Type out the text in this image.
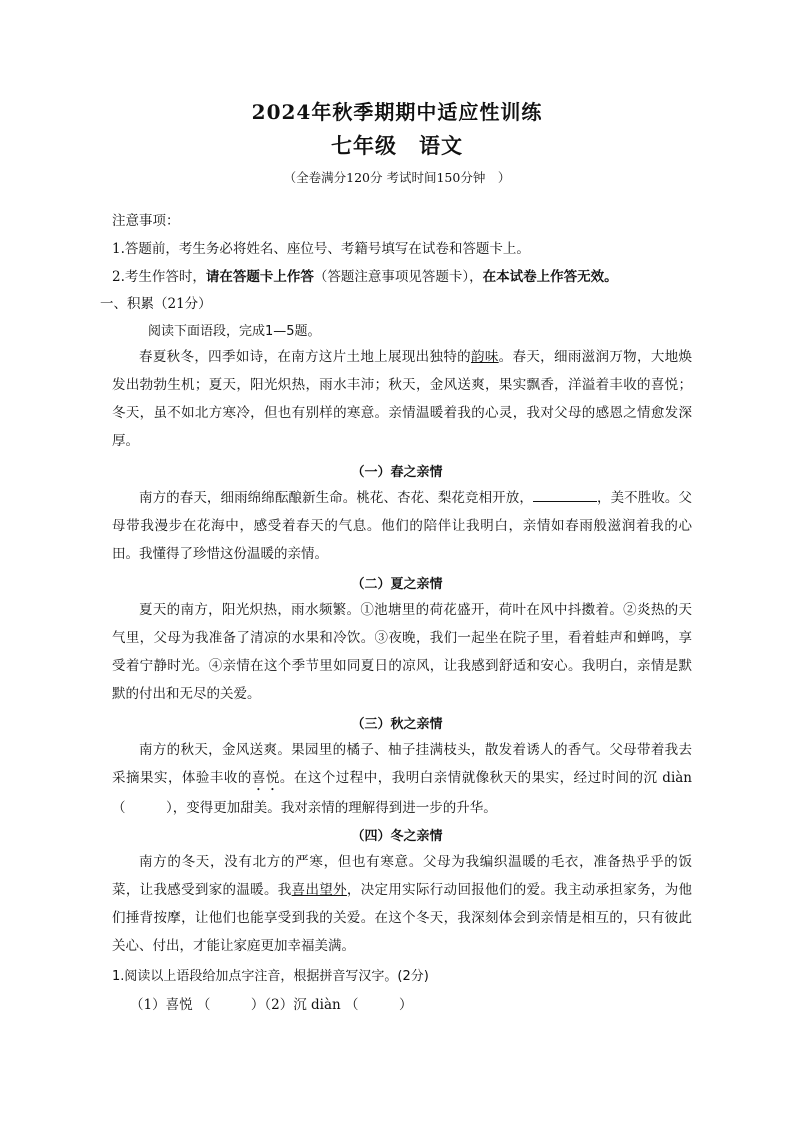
2024年秋季期期中适应性训练
七年级　语文
（全卷满分120分 考试时间150分钟　）
注意事项：
1.答题前，考生务必将姓名、座位号、考籍号填写在试卷和答题卡上。
2.考生作答时，请在答题卡上作答（答题注意事项见答题卡），在本试卷上作答无效。
一、积累（21分）
阅读下面语段，完成1—5题。

春夏秋冬，四季如诗，在南方这片土地上展现出独特的韵味。春天，细雨滋润万物，大地焕发出勃勃生机；夏天，阳光炽热，雨水丰沛；秋天，金风送爽，果实飘香，洋溢着丰收的喜悦；冬天，虽不如北方寒冷，但也有别样的寒意。亲情温暖着我的心灵，我对父母的感恩之情愈发深厚。

（一）春之亲情

南方的春天，细雨绵绵酝酿新生命。桃花、杏花、梨花竞相开放，	，美不胜收。父母带我漫步在花海中，感受着春天的气息。他们的陪伴让我明白，亲情如春雨般滋润着我的心田。我懂得了珍惜这份温暖的亲情。

（二）夏之亲情

夏天的南方，阳光炽热，雨水频繁。①池塘里的荷花盛开，荷叶在风中抖擞着。②炎热的天气里，父母为我准备了清凉的水果和冷饮。③夜晚，我们一起坐在院子里，看着蛙声和蝉鸣，享受着宁静时光。④亲情在这个季节里如同夏日的凉风，让我感到舒适和安心。我明白，亲情是默默的付出和无尽的关爱。

（三）秋之亲情

南方的秋天，金风送爽。果园里的橘子、柚子挂满枝头，散发着诱人的香气。父母带着我去采摘果实，体验丰收的喜悦。在这个过程中，我明白亲情就像秋天的果实，经过时间的沉 diàn（　　　），变得更加甜美。我对亲情的理解得到进一步的升华。

（四）冬之亲情

南方的冬天，没有北方的严寒，但也有寒意。父母为我编织温暖的毛衣，准备热乎乎的饭菜，让我感受到家的温暖。我喜出望外，决定用实际行动回报他们的爱。我主动承担家务，为他们捶背按摩，让他们也能享受到我的关爱。在这个冬天，我深刻体会到亲情是相互的，只有彼此关心、付出，才能让家庭更加幸福美满。

1.阅读以上语段给加点字注音，根据拼音写汉字。(2分)
（1）喜悦 （　　　）（2）沉 diàn （　　　）
